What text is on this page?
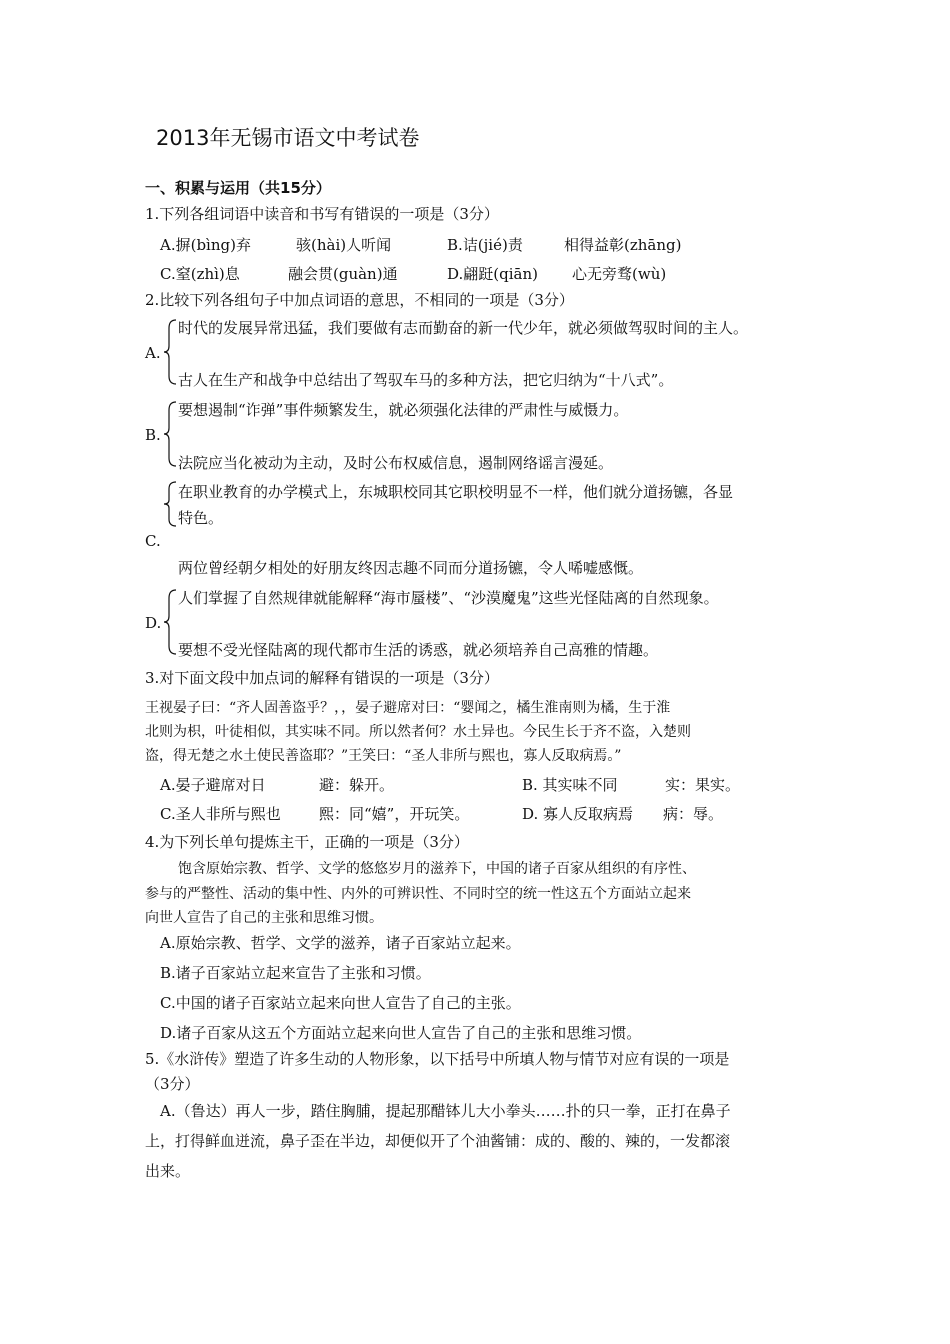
2013年无锡市语文中考试卷
一、积累与运用（共15分）
1.下列各组词语中读音和书写有错误的一项是（3分）
A.摒(bìng)弃	骇(hài)人听闻	B.诘(jié)责	相得益彰(zhāng)
C.窒(zhì)息	融会贯(guàn)通	D.翩跹(qiān) 心无旁骛(wù)
2.比较下列各组句子中加点词语的意思，不相同的一项是（3分）
A.
时代的发展异常迅猛，我们要做有志而勤奋的新一代少年，就必须做驾驭时间的主人。
古人在生产和战争中总结出了驾驭车马的多种方法，把它归纳为“十八式”。
B.
要想遏制“诈弹”事件频繁发生，就必须强化法律的严肃性与威慑力。
法院应当化被动为主动，及时公布权威信息，遏制网络谣言漫延。
在职业教育的办学模式上，东城职校同其它职校明显不一样，他们就分道扬镳，各显
特色。
C.
两位曾经朝夕相处的好朋友终因志趣不同而分道扬镳，令人唏嘘感慨。
D.
人们掌握了自然规律就能解释“海市蜃楼”、“沙漠魔鬼”这些光怪陆离的自然现象。
要想不受光怪陆离的现代都市生活的诱惑，就必须培养自己高雅的情趣。
3.对下面文段中加点词的解释有错误的一项是（3分）
王视晏子曰：“齐人固善盗乎？，，晏子避席对曰：“婴闻之，橘生淮南则为橘，生于淮
北则为枳，叶徒相似，其实味不同。所以然者何？水土异也。今民生长于齐不盗，入楚则
盗，得无楚之水土使民善盗耶？”王笑曰：“圣人非所与熙也，寡人反取病焉。”
A.晏子避席对日	避：躲开。	B. 其实味不同	实：果实。
C.圣人非所与熙也	熙：同“嬉”，开玩笑。	D. 寡人反取病焉 病：辱。
4.为下列长单句提炼主干，正确的一项是（3分）
饱含原始宗教、哲学、文学的悠悠岁月的滋养下，中国的诸子百家从组织的有序性、
参与的严整性、活动的集中性、内外的可辨识性、不同时空的统一性这五个方面站立起来
向世人宣告了自己的主张和思维习惯。
A.原始宗教、哲学、文学的滋养，诸子百家站立起来。
B.诸子百家站立起来宣告了主张和习惯。
C.中国的诸子百家站立起来向世人宣告了自己的主张。
D.诸子百家从这五个方面站立起来向世人宣告了自己的主张和思维习惯。
5.《水浒传》塑造了许多生动的人物形象，以下括号中所填人物与情节对应有误的一项是
（3分）
A.（鲁达）再人一步，踏住胸脯，提起那醋钵儿大小拳头……扑的只一拳，正打在鼻子
上，打得鲜血迸流，鼻子歪在半边，却便似开了个油酱铺：成的、酸的、辣的，一发都滚
出来。
